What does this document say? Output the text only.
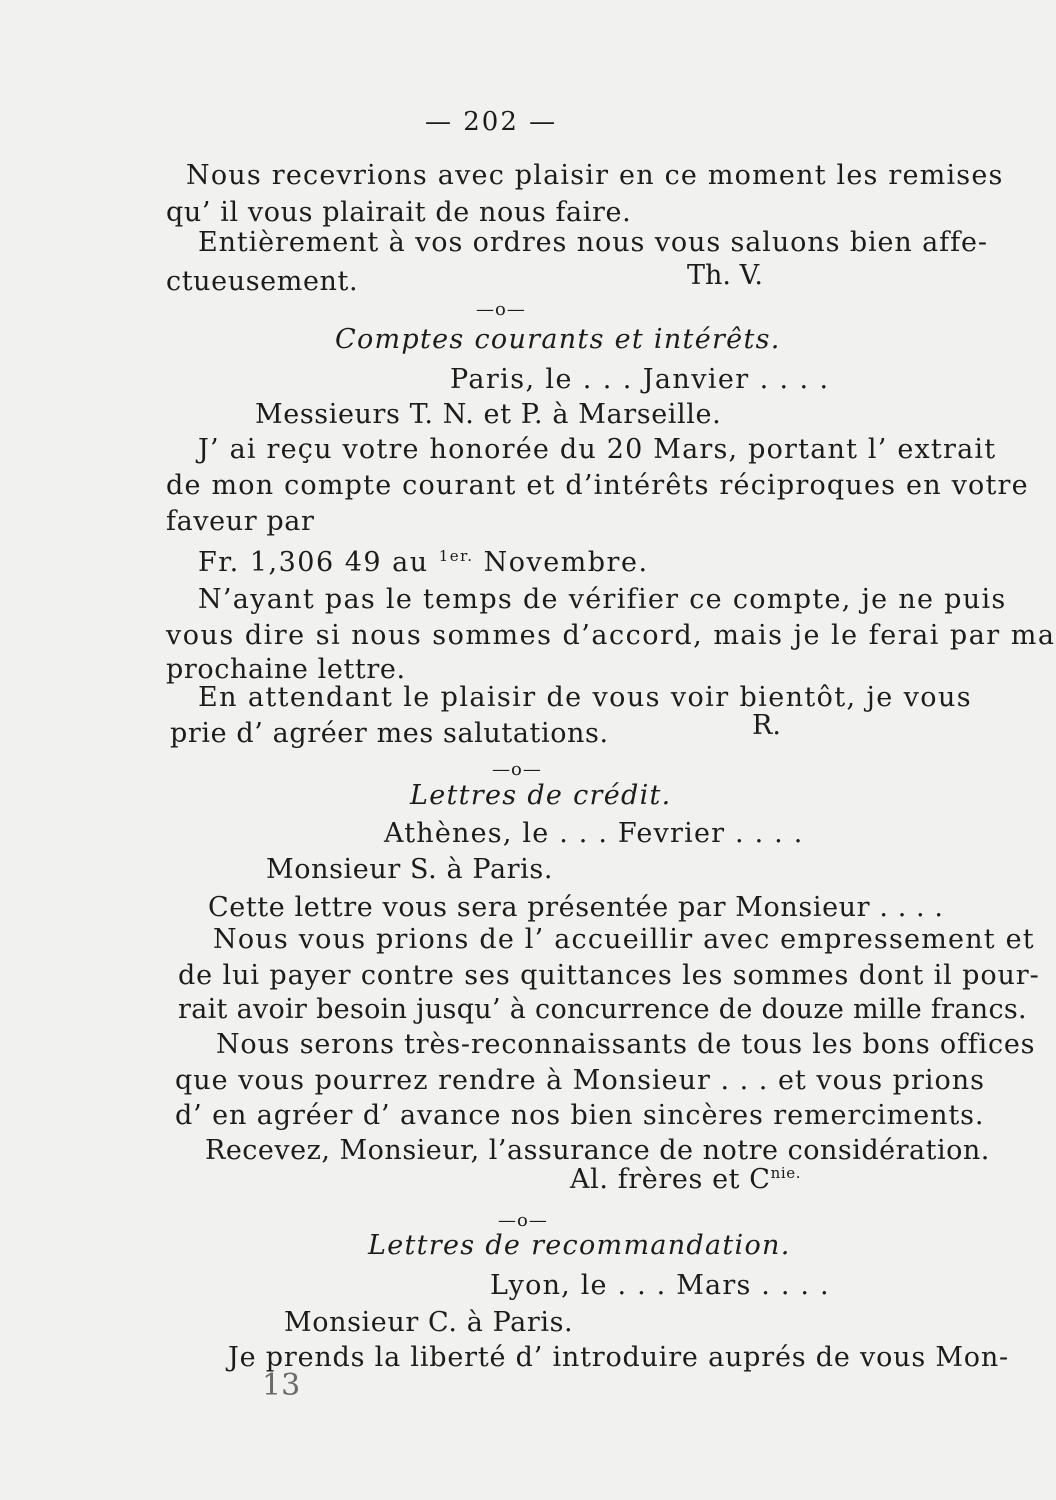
— 202 —

Nous recevrions avec plaisir en ce moment les remises

qu’ il vous plairait de nous faire.

Entièrement à vos ordres nous vous saluons bien affe-

ctueusement.	Th. V.

—o—

Comptes courants et intérêts.

Paris, le . . . Janvier . . . .

Messieurs T. N. et P. à Marseille.

J’ ai reçu votre honorée du 20 Mars, portant l’ extrait

de mon compte courant et d’intérêts réciproques en votre

faveur par

Fr. 1,306 49 au $^{1er.}$ Novembre.

N’ayant pas le temps de vérifier ce compte, je ne puis

vous dire si nous sommes d’accord, mais je le ferai par ma

prochaine lettre.

En attendant le plaisir de vous voir bientôt, je vous

prie d’ agréer mes salutations.	R.

—o—

Lettres de crédit.

Athènes, le . . . Fevrier . . . .

Monsieur S. à Paris.

Cette lettre vous sera présentée par Monsieur . . . .

Nous vous prions de l’ accueillir avec empressement et

de lui payer contre ses quittances les sommes dont il pour-

rait avoir besoin jusqu’ à concurrence de douze mille francs.

Nous serons très-reconnaissants de tous les bons offices

que vous pourrez rendre à Monsieur . . . et vous prions

d’ en agréer d’ avance nos bien sincères remerciments.

Recevez, Monsieur, l’assurance de notre considération.

Al. frères et $C^{nie.}$

—o—

Lettres de recommandation.

Lyon, le . . . Mars . . . .

Monsieur C. à Paris.

Je prends la liberté d’ introduire auprés de vous Mon-

13
